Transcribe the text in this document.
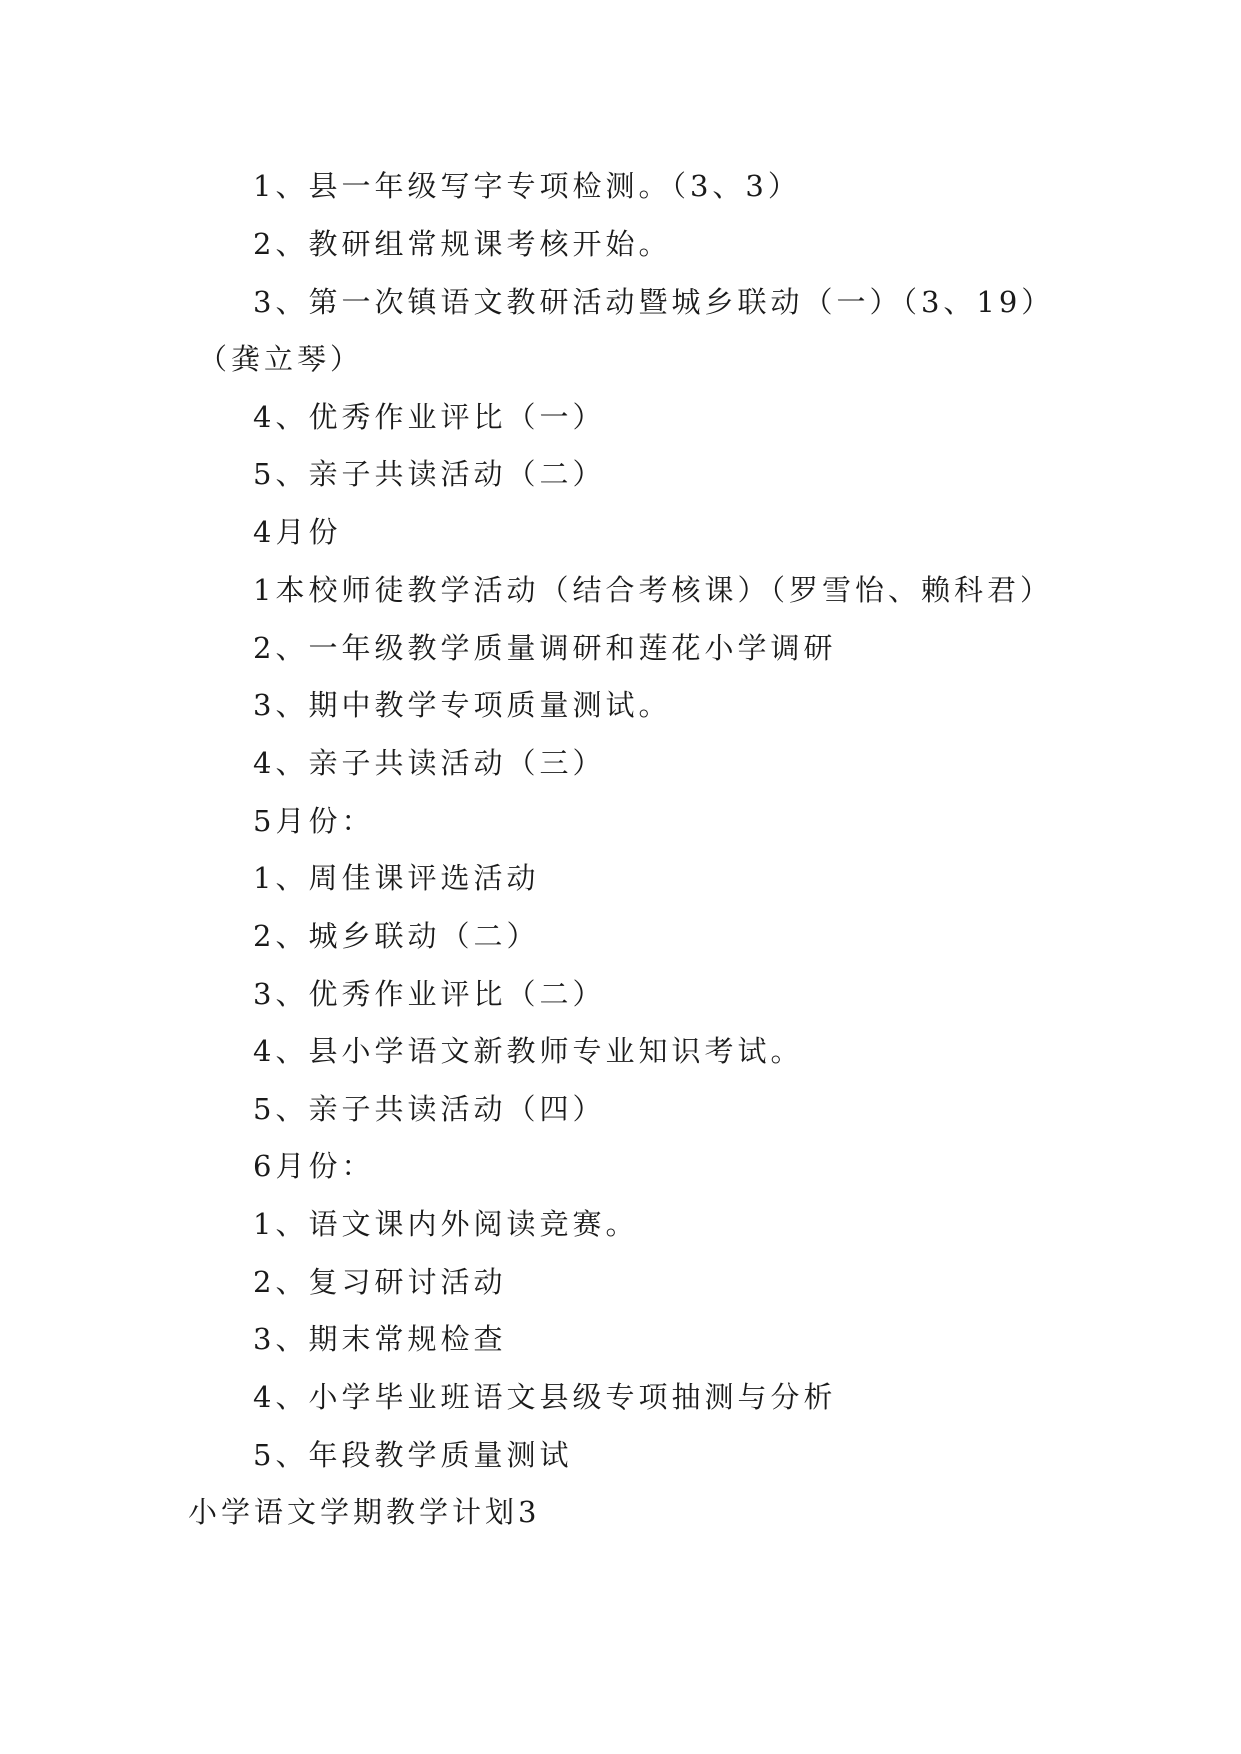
1、县一年级写字专项检测。（3、3）
2、教研组常规课考核开始。
3、第一次镇语文教研活动暨城乡联动（一）（3、19）
（龚立琴）
4、优秀作业评比（一）
5、亲子共读活动（二）
4月份
1本校师徒教学活动（结合考核课）（罗雪怡、赖科君）
2、一年级教学质量调研和莲花小学调研
3、期中教学专项质量测试。
4、亲子共读活动（三）
5月份：
1、周佳课评选活动
2、城乡联动（二）
3、优秀作业评比（二）
4、县小学语文新教师专业知识考试。
5、亲子共读活动（四）
6月份：
1、语文课内外阅读竞赛。
2、复习研讨活动
3、期末常规检查
4、小学毕业班语文县级专项抽测与分析
5、年段教学质量测试
小学语文学期教学计划3
